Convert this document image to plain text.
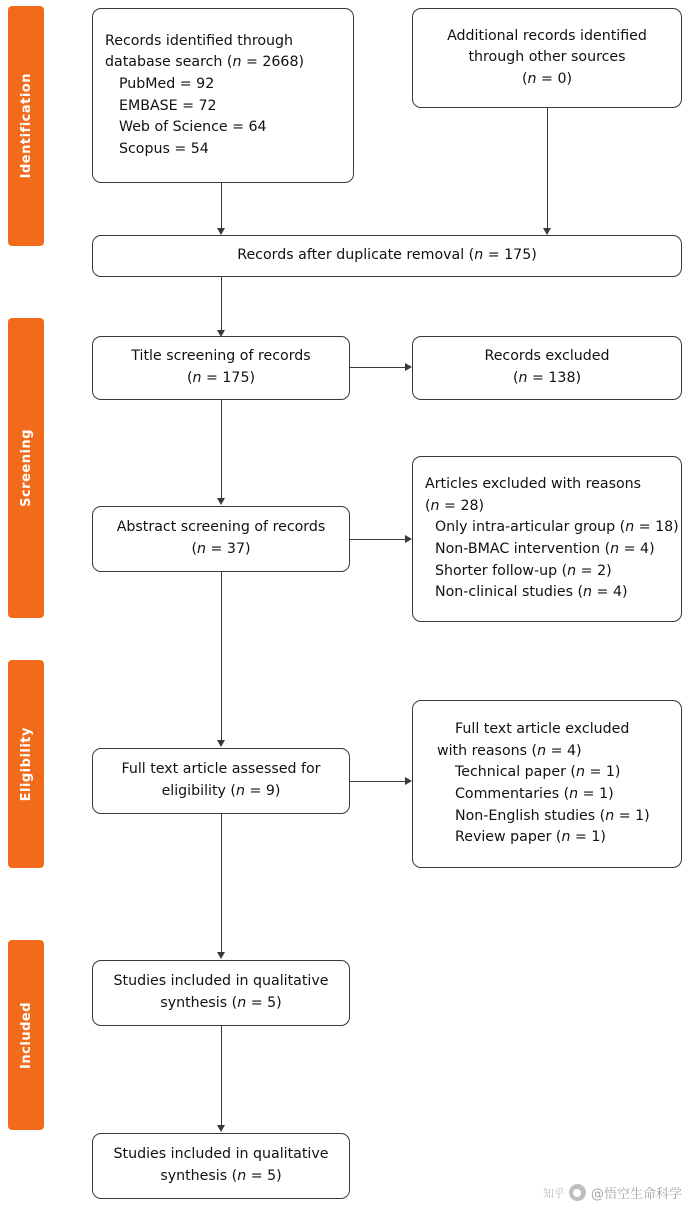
Identification
Screening
Eligibility
Included
Records identified through
database search (n = 2668)
PubMed = 92
EMBASE = 72
Web of Science = 64
Scopus = 54
Additional records identified
through other sources
(n = 0)
Records after duplicate removal (n = 175)
Title screening of records
(n = 175)
Records excluded
(n = 138)
Abstract screening of records
(n = 37)
Articles excluded with reasons
(n = 28)
Only intra-articular group (n = 18)
Non-BMAC intervention (n = 4)
Shorter follow-up (n = 2)
Non-clinical studies (n = 4)
Full text article assessed for
eligibility (n = 9)
Full text article excluded
with reasons (n = 4)
Technical paper (n = 1)
Commentaries (n = 1)
Non-English studies (n = 1)
Review paper (n = 1)
Studies included in qualitative
synthesis (n = 5)
Studies included in qualitative
synthesis (n = 5)
知乎 @悟空生命科学
